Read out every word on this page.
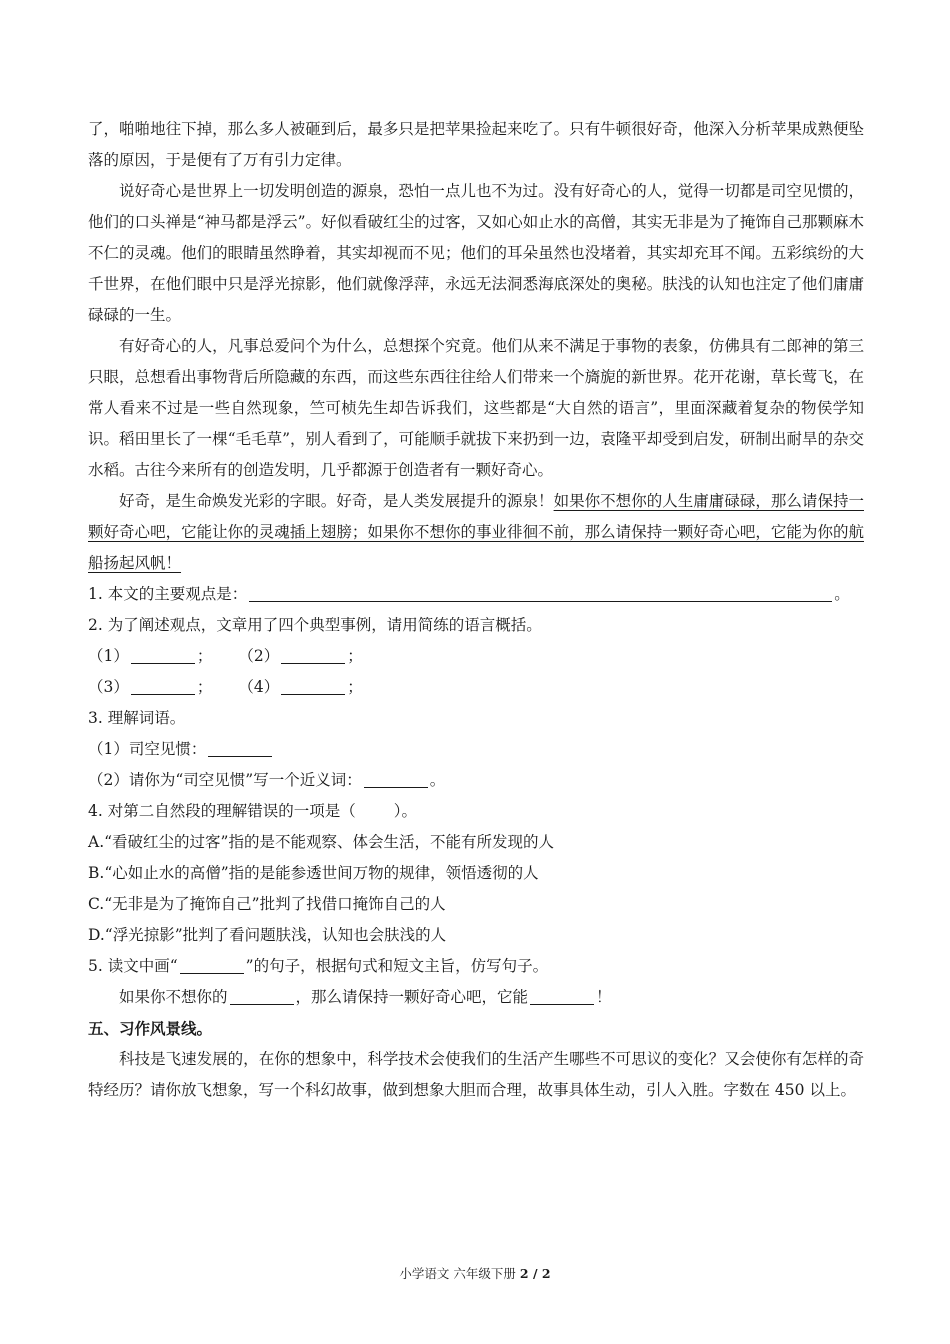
了，啪啪地往下掉，那么多人被砸到后，最多只是把苹果捡起来吃了。只有牛顿很好奇，他深入分析苹果成熟便坠落的原因，于是便有了万有引力定律。

说好奇心是世界上一切发明创造的源泉，恐怕一点儿也不为过。没有好奇心的人，觉得一切都是司空见惯的，他们的口头禅是“神马都是浮云”。好似看破红尘的过客，又如心如止水的高僧，其实无非是为了掩饰自己那颗麻木不仁的灵魂。他们的眼睛虽然睁着，其实却视而不见；他们的耳朵虽然也没堵着，其实却充耳不闻。五彩缤纷的大千世界，在他们眼中只是浮光掠影，他们就像浮萍，永远无法洞悉海底深处的奥秘。肤浅的认知也注定了他们庸庸碌碌的一生。

有好奇心的人，凡事总爱问个为什么，总想探个究竟。他们从来不满足于事物的表象，仿佛具有二郎神的第三只眼，总想看出事物背后所隐藏的东西，而这些东西往往给人们带来一个旖旎的新世界。花开花谢，草长莺飞，在常人看来不过是一些自然现象，竺可桢先生却告诉我们，这些都是“大自然的语言”，里面深藏着复杂的物侯学知识。稻田里长了一棵“毛毛草”，别人看到了，可能顺手就拔下来扔到一边，袁隆平却受到启发，研制出耐旱的杂交水稻。古往今来所有的创造发明，几乎都源于创造者有一颗好奇心。

好奇，是生命焕发光彩的字眼。好奇，是人类发展提升的源泉！如果你不想你的人生庸庸碌碌，那么请保持一颗好奇心吧，它能让你的灵魂插上翅膀；如果你不想你的事业徘徊不前，那么请保持一颗好奇心吧，它能为你的航船扬起风帆！

1. 本文的主要观点是：	。

2. 为了阐述观点，文章用了四个典型事例，请用简练的语言概括。

（1）	； （2）	；

（3）	； （4）	；

3. 理解词语。

（1）司空见惯：

（2）请你为“司空见惯”写一个近义词：	。

4. 对第二自然段的理解错误的一项是（ ）。

A.“看破红尘的过客”指的是不能观察、体会生活，不能有所发现的人

B.“心如止水的高僧”指的是能参透世间万物的规律，领悟透彻的人

C.“无非是为了掩饰自己”批判了找借口掩饰自己的人

D.“浮光掠影”批判了看问题肤浅，认知也会肤浅的人

5. 读文中画“	”的句子，根据句式和短文主旨，仿写句子。

如果你不想你的	，那么请保持一颗好奇心吧，它能	！

五、习作风景线。

科技是飞速发展的，在你的想象中，科学技术会使我们的生活产生哪些不可思议的变化？又会使你有怎样的奇特经历？请你放飞想象，写一个科幻故事，做到想象大胆而合理，故事具体生动，引人入胜。字数在 450 以上。

小学语文 六年级下册 2 / 2
